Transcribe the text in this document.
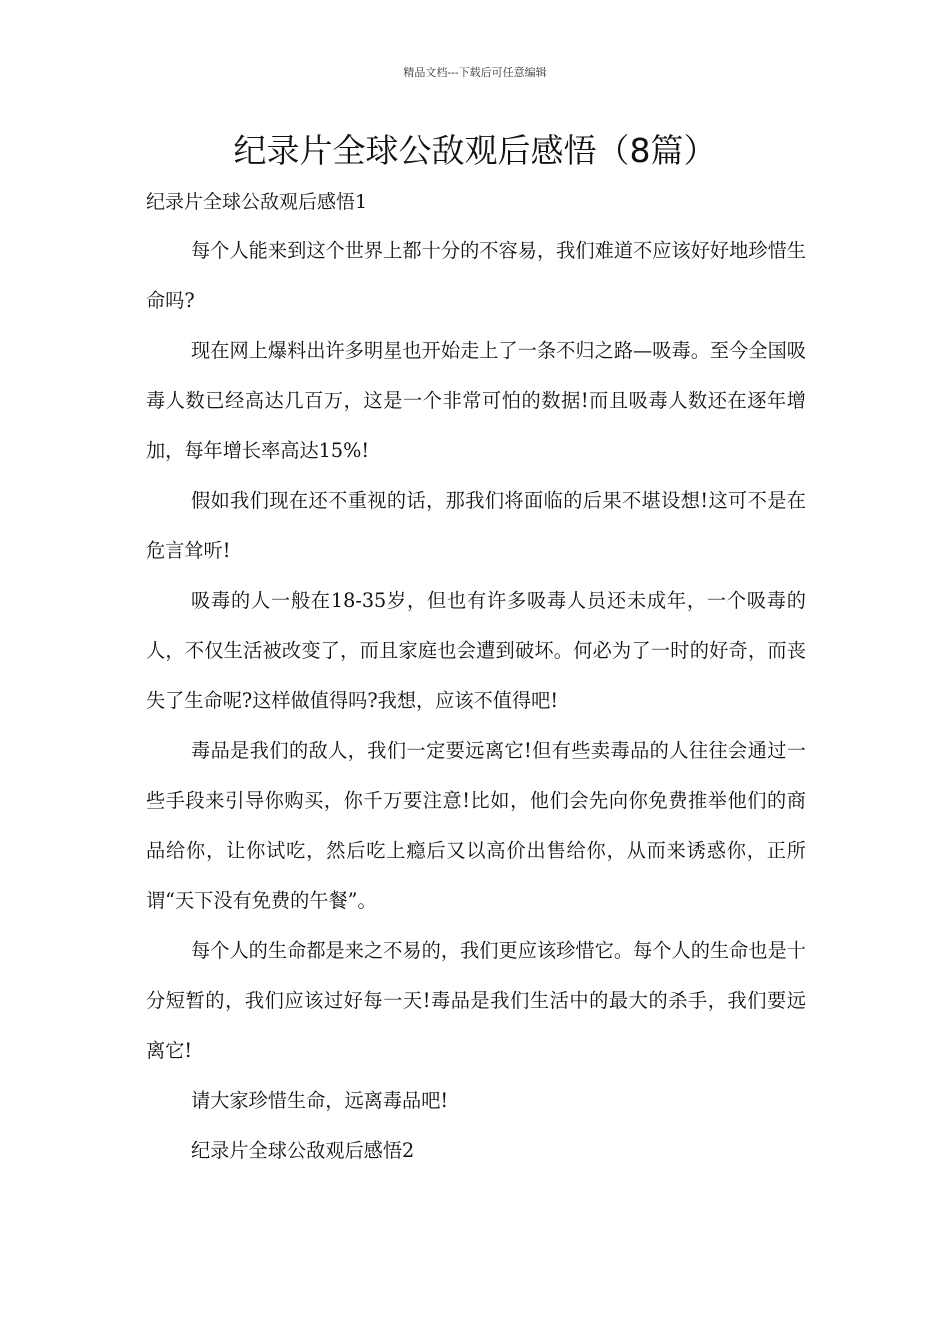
精品文档---下载后可任意编辑
纪录片全球公敌观后感悟（8篇）
纪录片全球公敌观后感悟1

每个人能来到这个世界上都十分的不容易，我们难道不应该好好地珍惜生命吗?

现在网上爆料出许多明星也开始走上了一条不归之路—吸毒。至今全国吸毒人数已经高达几百万，这是一个非常可怕的数据!而且吸毒人数还在逐年增加，每年增长率高达15%!

假如我们现在还不重视的话，那我们将面临的后果不堪设想!这可不是在危言耸听!

吸毒的人一般在18-35岁，但也有许多吸毒人员还未成年，一个吸毒的人，不仅生活被改变了，而且家庭也会遭到破坏。何必为了一时的好奇，而丧失了生命呢?这样做值得吗?我想，应该不值得吧!

毒品是我们的敌人，我们一定要远离它!但有些卖毒品的人往往会通过一些手段来引导你购买，你千万要注意!比如，他们会先向你免费推举他们的商品给你，让你试吃，然后吃上瘾后又以高价出售给你，从而来诱惑你，正所谓“天下没有免费的午餐”。

每个人的生命都是来之不易的，我们更应该珍惜它。每个人的生命也是十分短暂的，我们应该过好每一天!毒品是我们生活中的最大的杀手，我们要远离它!

请大家珍惜生命，远离毒品吧!

纪录片全球公敌观后感悟2
